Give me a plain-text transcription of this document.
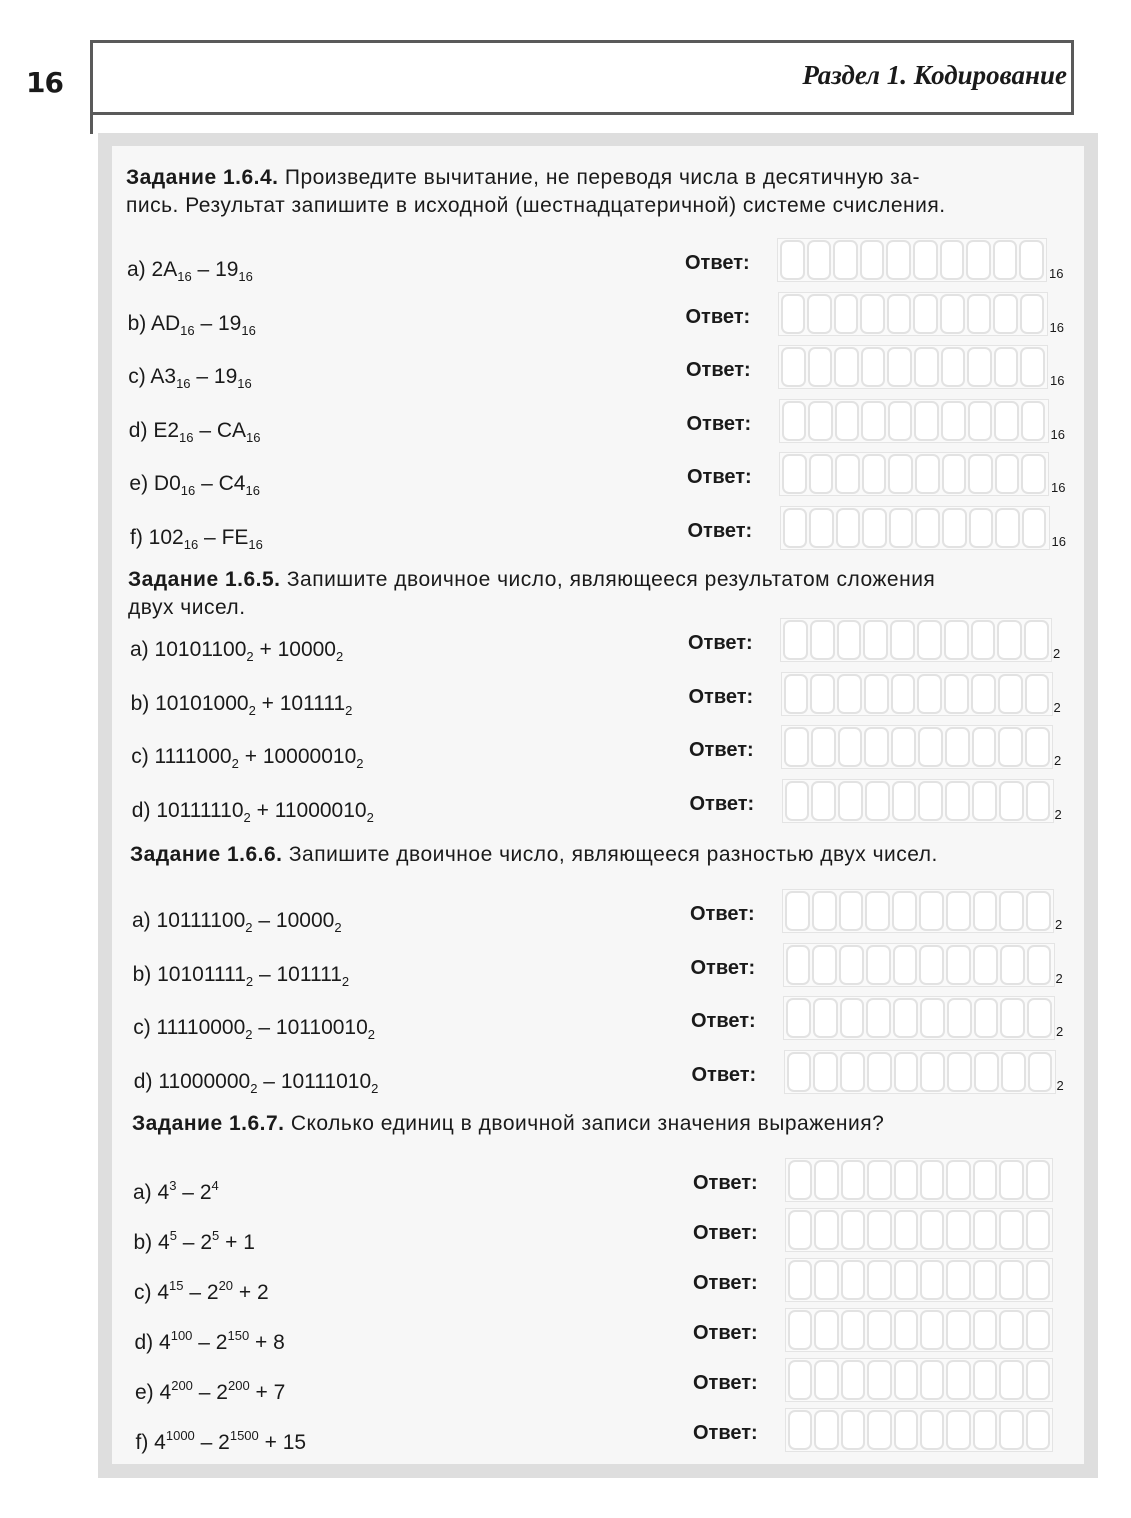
16	Раздел 1. Кодирование
Задание 1.6.4. Произведите вычитание, не переводя числа в десятичную за-
пись. Результат запишите в исходной (шестнадцатеричной) системе счисления.
a) $2A_{16} - 19_{16}$
Ответ:	16
b) $AD_{16} - 19_{16}$
Ответ:	16
c) $A3_{16} - 19_{16}$
Ответ:	16
d) $E2_{16} - CA_{16}$
Ответ:	16
e) $D0_{16} - C4_{16}$
Ответ:	16
f) $102_{16} - FE_{16}$
Ответ:	16
Задание 1.6.5. Запишите двоичное число, являющееся результатом сложения
двух чисел.
a) $10101100_2 + 10000_2$
Ответ:	2
b) $10101000_2 + 101111_2$
Ответ:	2
c) $1111000_2 + 10000010_2$
Ответ:	2
d) $10111110_2 + 11000010_2$
Ответ:	2
Задание 1.6.6. Запишите двоичное число, являющееся разностью двух чисел.
a) $10111100_2 - 10000_2$
Ответ:	2
b) $10101111_2 - 101111_2$
Ответ:	2
c) $11110000_2 - 10110010_2$
Ответ:	2
d) $11000000_2 - 10111010_2$
Ответ:	2
Задание 1.6.7. Сколько единиц в двоичной записи значения выражения?
a) $4^3 - 2^4$	Ответ:
b) $4^5 - 2^5 + 1$	Ответ:
c) $4^{15} - 2^{20} + 2$	Ответ:
d) $4^{100} - 2^{150} + 8$	Ответ:
e) $4^{200} - 2^{200} + 7$	Ответ:
f) $4^{1000} - 2^{1500} + 15$	Ответ:
